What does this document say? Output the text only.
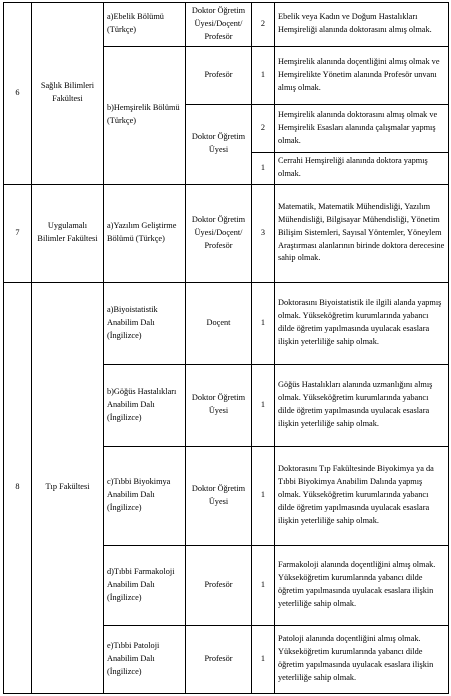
6	Sağlık Bilimleri Fakültesi	a)Ebelik Bölümü (Türkçe)	Doktor Öğretim Üyesi/Doçent/ Profesör	2	Ebelik veya Kadın ve Doğum Hastalıkları Hemşireliği alanında doktorasını almış olmak.
		b)Hemşirelik Bölümü (Türkçe)	Profesör	1	Hemşirelik alanında doçentliğini almış olmak ve Hemşirelikte Yönetim alanında Profesör unvanı almış olmak.
			Doktor Öğretim Üyesi	2	Hemşirelik alanında doktorasını almış olmak ve Hemşirelik Esasları alanında çalışmalar yapmış olmak.
				1	Cerrahi Hemşireliği alanında doktora yapmış olmak.
7	Uygulamalı Bilimler Fakültesi	a)Yazılım Geliştirme Bölümü (Türkçe)	Doktor Öğretim Üyesi/Doçent/ Profesör	3	Matematik, Matematik Mühendisliği, Yazılım Mühendisliği, Bilgisayar Mühendisliği, Yönetim Bilişim Sistemleri, Sayısal Yöntemler, Yöneylem Araştırması alanlarının birinde doktora derecesine sahip olmak.
8	Tıp Fakültesi	a)Biyoistatistik Anabilim Dalı (İngilizce)	Doçent	1	Doktorasını Biyoistatistik ile ilgili alanda yapmış olmak. Yükseköğretim kurumlarında yabancı dilde öğretim yapılmasında uyulacak esaslara ilişkin yeterliliğe sahip olmak.
		b)Göğüs Hastalıkları Anabilim Dalı (İngilizce)	Doktor Öğretim Üyesi	1	Göğüs Hastalıkları alanında uzmanlığını almış olmak. Yükseköğretim kurumlarında yabancı dilde öğretim yapılmasında uyulacak esaslara ilişkin yeterliliğe sahip olmak.
		c)Tıbbi Biyokimya Anabilim Dalı (İngilizce)	Doktor Öğretim Üyesi	1	Doktorasını Tıp Fakültesinde Biyokimya ya da Tıbbi Biyokimya Anabilim Dalında yapmış olmak. Yükseköğretim kurumlarında yabancı dilde öğretim yapılmasında uyulacak esaslara ilişkin yeterliliğe sahip olmak.
		d)Tıbbi Farmakoloji Anabilim Dalı (İngilizce)	Profesör	1	Farmakoloji alanında doçentliğini almış olmak. Yükseköğretim kurumlarında yabancı dilde öğretim yapılmasında uyulacak esaslara ilişkin yeterliliğe sahip olmak.
		e)Tıbbi Patoloji Anabilim Dalı (İngilizce)	Profesör	1	Patoloji alanında doçentliğini almış olmak. Yükseköğretim kurumlarında yabancı dilde öğretim yapılmasında uyulacak esaslara ilişkin yeterliliğe sahip olmak.
